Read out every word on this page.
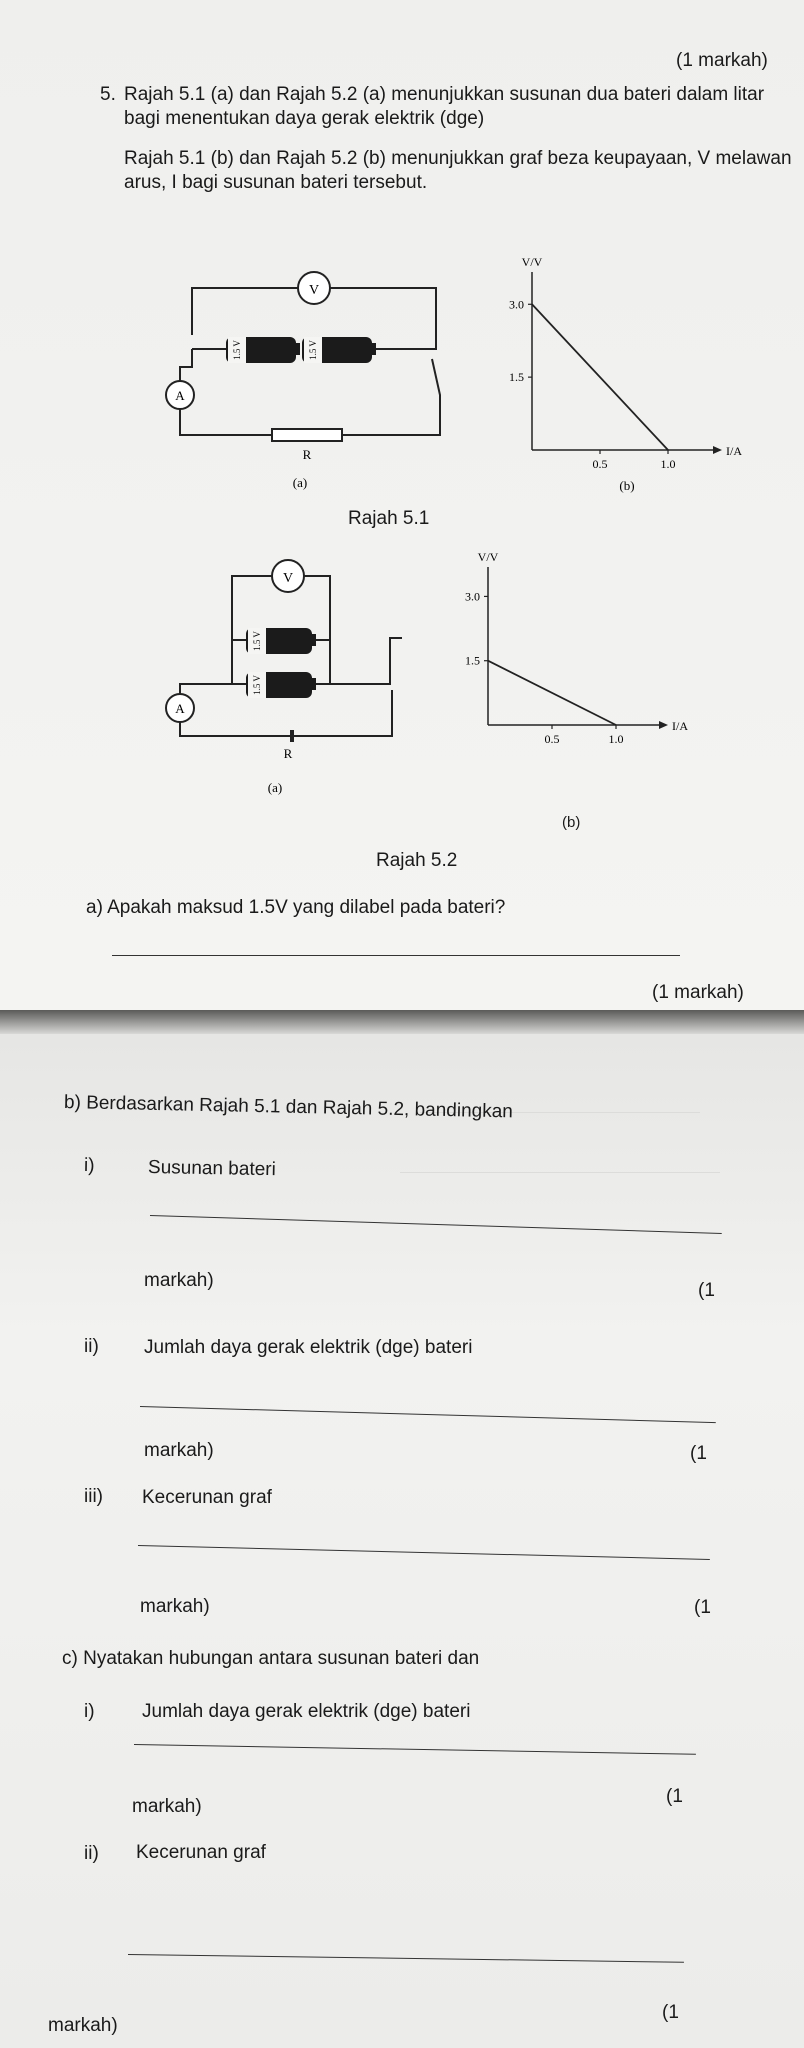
(1 markah)
5. Rajah 5.1 (a) dan Rajah 5.2 (a) menunjukkan susunan dua bateri dalam litar
bagi menentukan daya gerak elektrik (dge)
Rajah 5.1 (b) dan Rajah 5.2 (b) menunjukkan graf beza keupayaan, V melawan
arus, I bagi susunan bateri tersebut.
V
1.5 V	1.5 V
A
R
(a)
V/V
I/A
1.5
3.0
0.5	1.0
(b)
Rajah 5.1
V
1.5 V
1.5 V
A
R
(a)
V/V
I/A
1.5
3.0
0.5	1.0
(b)
Rajah 5.2
a) Apakah maksud 1.5V yang dilabel pada bateri?
(1 markah)
b) Berdasarkan Rajah 5.1 dan Rajah 5.2, bandingkan
i)	Susunan bateri
markah)	(1
ii) Jumlah daya gerak elektrik (dge) bateri
markah)	(1
iii) Kecerunan graf
markah)	(1
c) Nyatakan hubungan antara susunan bateri dan
i) Jumlah daya gerak elektrik (dge) bateri
markah)	(1
ii) Kecerunan graf
markah)
(1
